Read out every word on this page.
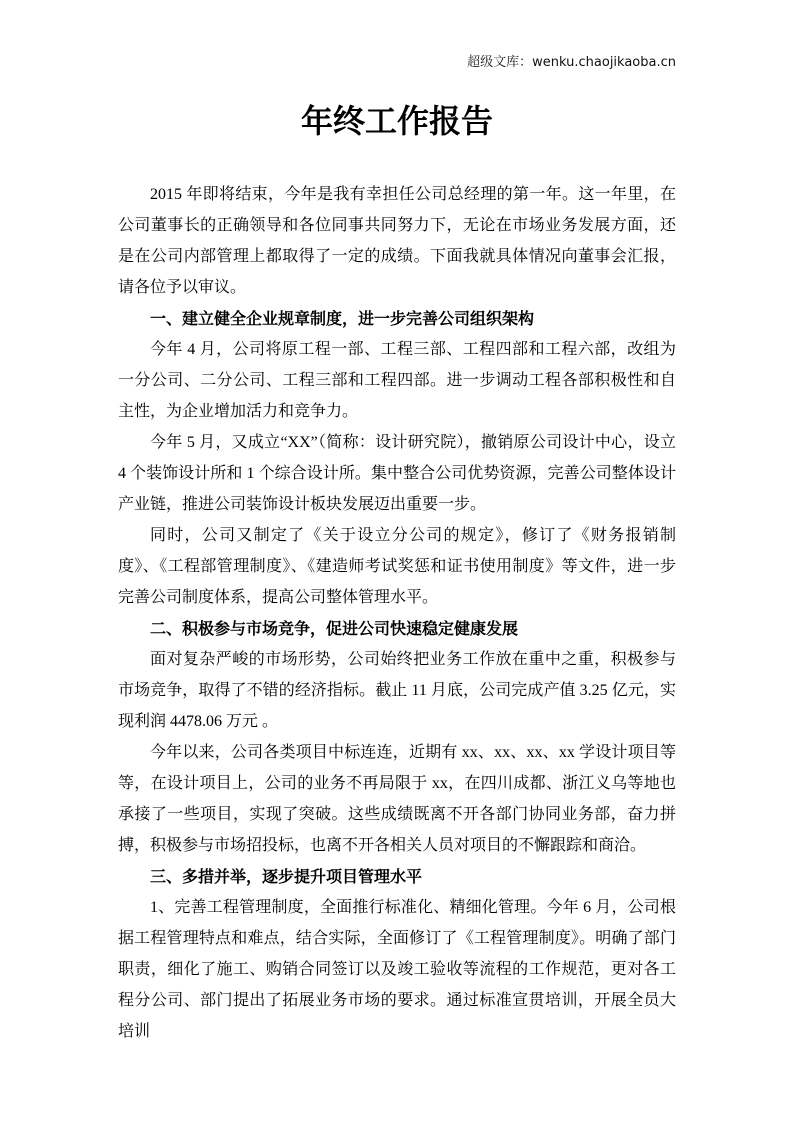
超级文库：wenku.chaojikaoba.cn
年终工作报告

2015 年即将结束，今年是我有幸担任公司总经理的第一年。这一年里，在公司董事长的正确领导和各位同事共同努力下，无论在市场业务发展方面，还是在公司内部管理上都取得了一定的成绩。下面我就具体情况向董事会汇报，请各位予以审议。

一、建立健全企业规章制度，进一步完善公司组织架构

今年 4 月，公司将原工程一部、工程三部、工程四部和工程六部，改组为一分公司、二分公司、工程三部和工程四部。进一步调动工程各部积极性和自主性，为企业增加活力和竞争力。

今年 5 月，又成立“XX”（简称：设计研究院），撤销原公司设计中心，设立 4 个装饰设计所和 1 个综合设计所。集中整合公司优势资源，完善公司整体设计产业链，推进公司装饰设计板块发展迈出重要一步。

同时，公司又制定了《关于设立分公司的规定》，修订了《财务报销制度》、《工程部管理制度》、《建造师考试奖惩和证书使用制度》等文件，进一步完善公司制度体系，提高公司整体管理水平。

二、积极参与市场竞争，促进公司快速稳定健康发展

面对复杂严峻的市场形势，公司始终把业务工作放在重中之重，积极参与市场竞争，取得了不错的经济指标。截止 11 月底，公司完成产值 3.25 亿元，实现利润 4478.06 万元 。

今年以来，公司各类项目中标连连，近期有 xx、xx、xx、xx 学设计项目等等，在设计项目上，公司的业务不再局限于 xx，在四川成都、浙江义乌等地也承接了一些项目，实现了突破。这些成绩既离不开各部门协同业务部，奋力拼搏，积极参与市场招投标，也离不开各相关人员对项目的不懈跟踪和商洽。

三、多措并举，逐步提升项目管理水平

1、完善工程管理制度，全面推行标准化、精细化管理。今年 6 月，公司根据工程管理特点和难点，结合实际，全面修订了《工程管理制度》。明确了部门职责，细化了施工、购销合同签订以及竣工验收等流程的工作规范，更对各工程分公司、部门提出了拓展业务市场的要求。通过标准宣贯培训，开展全员大培训
